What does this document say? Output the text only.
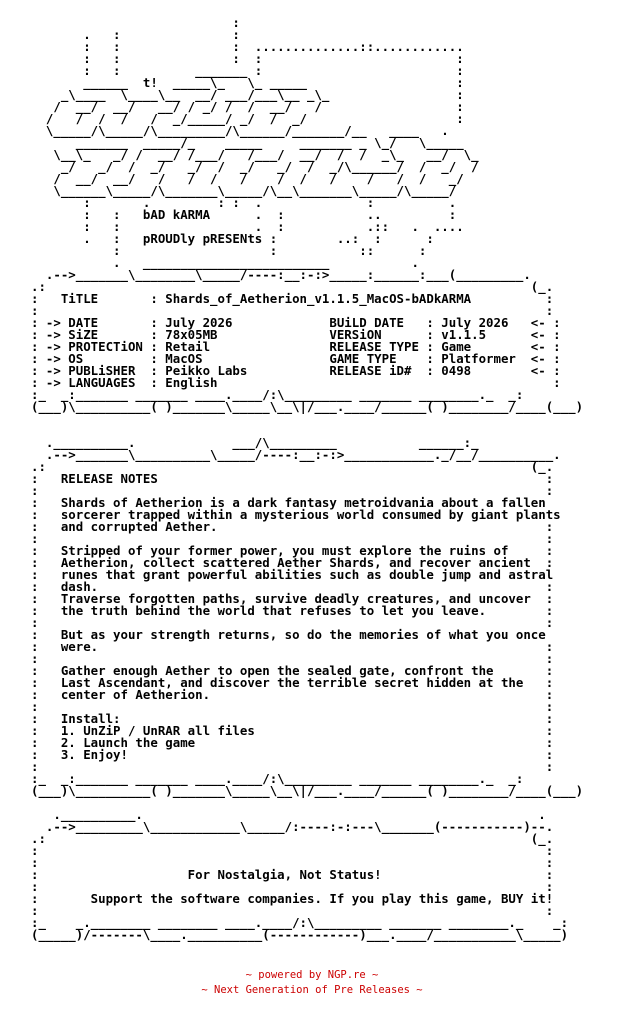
:
.   :               :
:   :               :  ..............::............
:   :               :  :                          :
:   :          _______ :                          :
______  t!  _____\_   \_ _____                    :
_\____  \____\__  __/ ___/___\__ _\_                 :
/  __/  __/   __/ / _/ /  /  __/   /                  :
/   /  /  /   /  _/_____/ _/  /  _/                    :
\_____/\_____/\_________/\______/_______/__   ____   .
_______  _____/_    _____     _______ _ \_/   \_____
\__\_   _/ /  __/ /___/   /___/  __/  /  /  _\_   __/  \_
_/   _/  /  _/   _/  /  _/   _/  /  _/\______/  /  _/  /
/  __/  __/   /   /  /   /    /  /   /    /   /  /   _/
\______\_____/\_______\_____/\__\_______\_____/\_____/
:       .         : :  .              :          .
:   :   bAD kARMA      .  :           ..         :
:   :                  .  :           .::   .  ....
.   :   pROUDly pRESENts :        ..:  :      :
:                    :           ::      :
.   _________________________           .
.-->_______\________\_____/----:__:-:>_____:______:___(_________.
.:                                                                 (_.
:   TiTLE       : Shards_of_Aetherion_v1.1.5_MacOS-bADkARMA          :
:                                                                    :
: -> DATE       : July 2026             BUiLD DATE   : July 2026   <- :
: -> SiZE       : 78x05MB               VERSiON      : v1.1.5      <- :
: -> PROTECTiON : Retail                RELEASE TYPE : Game        <- :
: -> OS         : MacOS                 GAME TYPE    : Platformer  <- :
: -> PUBLiSHER  : Peikko Labs           RELEASE iD#  : 0498        <- :
: -> LANGUAGES  : English                                             :
:_  _:_______ _______ ____.____/:\_________ _______ ________._  _:
(___)\__________( )_______\_____\__\|/___.____/______( )________/____(___)

.__________.             ___/\_________           ______:_
.-->_______\__________\_____/----:__:-:>____________._/__/__________.
.:                                                                 (_.
:   RELEASE NOTES                                                    :
:                                                                    :
:   Shards of Aetherion is a dark fantasy metroidvania about a fallen
:   sorcerer trapped within a mysterious world consumed by giant plants
:   and corrupted Aether.                                            :
:                                                                    :
:   Stripped of your former power, you must explore the ruins of     :
:   Aetherion, collect scattered Aether Shards, and recover ancient  :
:   runes that grant powerful abilities such as double jump and astral
:   dash.                                                            :
:   Traverse forgotten paths, survive deadly creatures, and uncover  :
:   the truth behind the world that refuses to let you leave.        :
:                                                                    :
:   But as your strength returns, so do the memories of what you once
:   were.                                                            :
:                                                                    :
:   Gather enough Aether to open the sealed gate, confront the       :
:   Last Ascendant, and discover the terrible secret hidden at the   :
:   center of Aetherion.                                             :
:                                                                    :
:   Install:                                                         :
:   1. UnZiP / UnRAR all files                                       :
:   2. Launch the game                                               :
:   3. Enjoy!                                                        :
:                                                                    :
:_  _:_______ _______ ____.____/:\_________ _______ ________._  _:
(___)\__________( )_______\_____\__\|/___.____/______( )________/____(___)

.__________.                                                     .
.-->_________\____________\_____/:----:-:---\_______(-----------)--.
.:                                                                 (_.
:                                                                    :
:                                                                    :
:                    For Nostalgia, Not Status!                      :
:                                                                    :
:       Support the software companies. If you play this game, BUY it!
:                                                                    :
:_    _.________ ________ ____.____/:\_________ _______ ________._    _:
(_____)/-------\____.__________(------------)___.____/___________\_____)
~ powered by NGP.re ~
~ Next Generation of Pre Releases ~
